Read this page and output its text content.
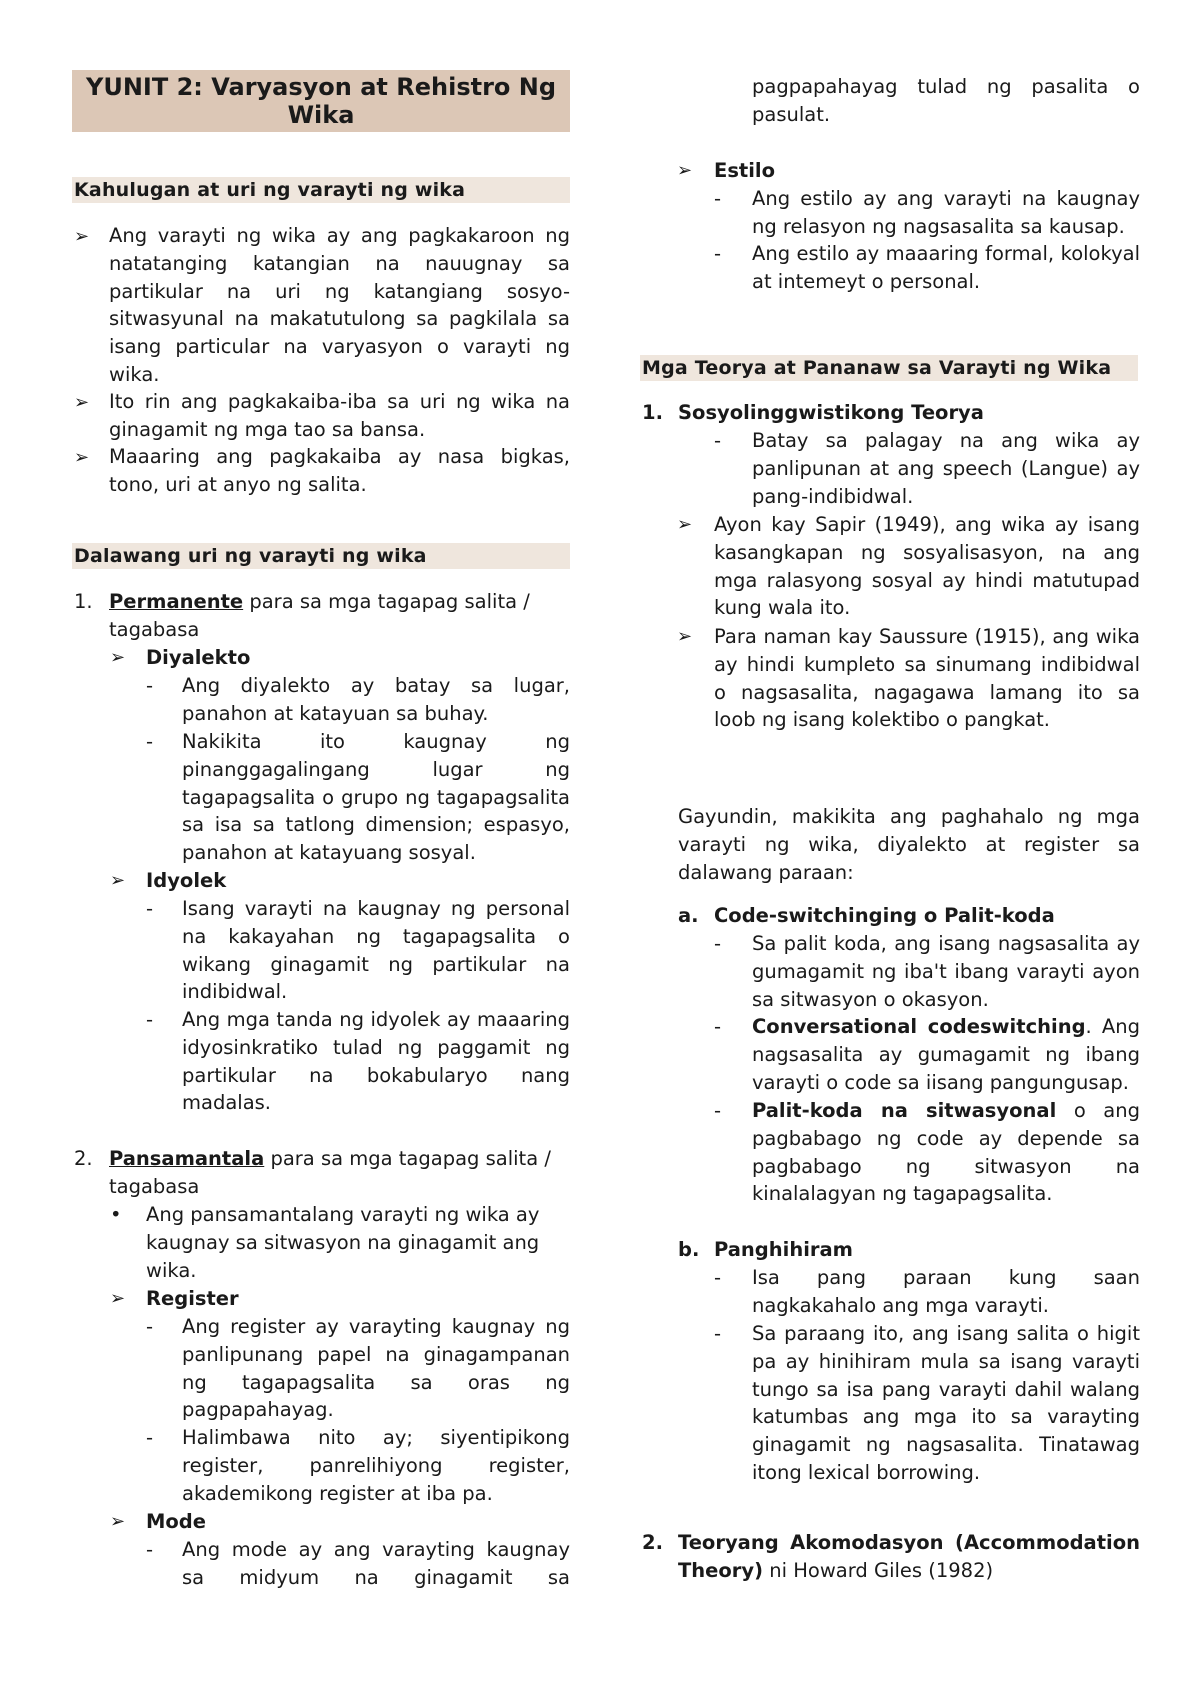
YUNIT 2: Varyasyon at Rehistro Ng Wika
Kahulugan at uri ng varayti ng wika
➢ Ang varayti ng wika ay ang pagkakaroon ng natatanging katangian na nauugnay sa partikular na uri ng katangiang sosyo-sitwasyunal na makatutulong sa pagkilala sa isang particular na varyasyon o varayti ng wika.

➢ Ito rin ang pagkakaiba-iba sa uri ng wika na ginagamit ng mga tao sa bansa.

➢ Maaaring ang pagkakaiba ay nasa bigkas, tono, uri at anyo ng salita.

Dalawang uri ng varayti ng wika
1. Permanente para sa mga tagapag salita / tagabasa

➢ Diyalekto

- Ang diyalekto ay batay sa lugar, panahon at katayuan sa buhay.

- Nakikita ito kaugnay ng pinanggagalingang lugar ng tagapagsalita o grupo ng tagapagsalita sa isa sa tatlong dimension; espasyo, panahon at katayuang sosyal.

➢ Idyolek

- Isang varayti na kaugnay ng personal na kakayahan ng tagapagsalita o wikang ginagamit ng partikular na indibidwal.

- Ang mga tanda ng idyolek ay maaaring idyosinkratiko tulad ng paggamit ng partikular na bokabularyo nang madalas.

2. Pansamantala para sa mga tagapag salita / tagabasa

• Ang pansamantalang varayti ng wika ay kaugnay sa sitwasyon na ginagamit ang wika.

➢ Register

- Ang register ay varayting kaugnay ng panlipunang papel na ginagampanan ng tagapagsalita sa oras ng pagpapahayag.

- Halimbawa nito ay; siyentipikong register, panrelihiyong register, akademikong register at iba pa.

➢ Mode

- Ang mode ay ang varayting kaugnay sa midyum na ginagamit sa

pagpapahayag tulad ng pasalita o pasulat.

➢ Estilo

- Ang estilo ay ang varayti na kaugnay ng relasyon ng nagsasalita sa kausap.

- Ang estilo ay maaaring formal, kolokyal at intemeyt o personal.

Mga Teorya at Pananaw sa Varayti ng Wika
1. Sosyolinggwistikong Teorya

- Batay sa palagay na ang wika ay panlipunan at ang speech (Langue) ay pang-indibidwal.

➢ Ayon kay Sapir (1949), ang wika ay isang kasangkapan ng sosyalisasyon, na ang mga ralasyong sosyal ay hindi matutupad kung wala ito.

➢ Para naman kay Saussure (1915), ang wika ay hindi kumpleto sa sinumang indibidwal o nagsasalita, nagagawa lamang ito sa loob ng isang kolektibo o pangkat.

Gayundin, makikita ang paghahalo ng mga varayti ng wika, diyalekto at register sa dalawang paraan:

a. Code-switchinging o Palit-koda

- Sa palit koda, ang isang nagsasalita ay gumagamit ng iba't ibang varayti ayon sa sitwasyon o okasyon.

- Conversational codeswitching. Ang nagsasalita ay gumagamit ng ibang varayti o code sa iisang pangungusap.

- Palit-koda na sitwasyonal o ang pagbabago ng code ay depende sa pagbabago ng sitwasyon na kinalalagyan ng tagapagsalita.

b. Panghihiram

- Isa pang paraan kung saan nagkakahalo ang mga varayti.

- Sa paraang ito, ang isang salita o higit pa ay hinihiram mula sa isang varayti tungo sa isa pang varayti dahil walang katumbas ang mga ito sa varayting ginagamit ng nagsasalita. Tinatawag itong lexical borrowing.

2. Teoryang Akomodasyon (Accommodation Theory) ni Howard Giles (1982)
